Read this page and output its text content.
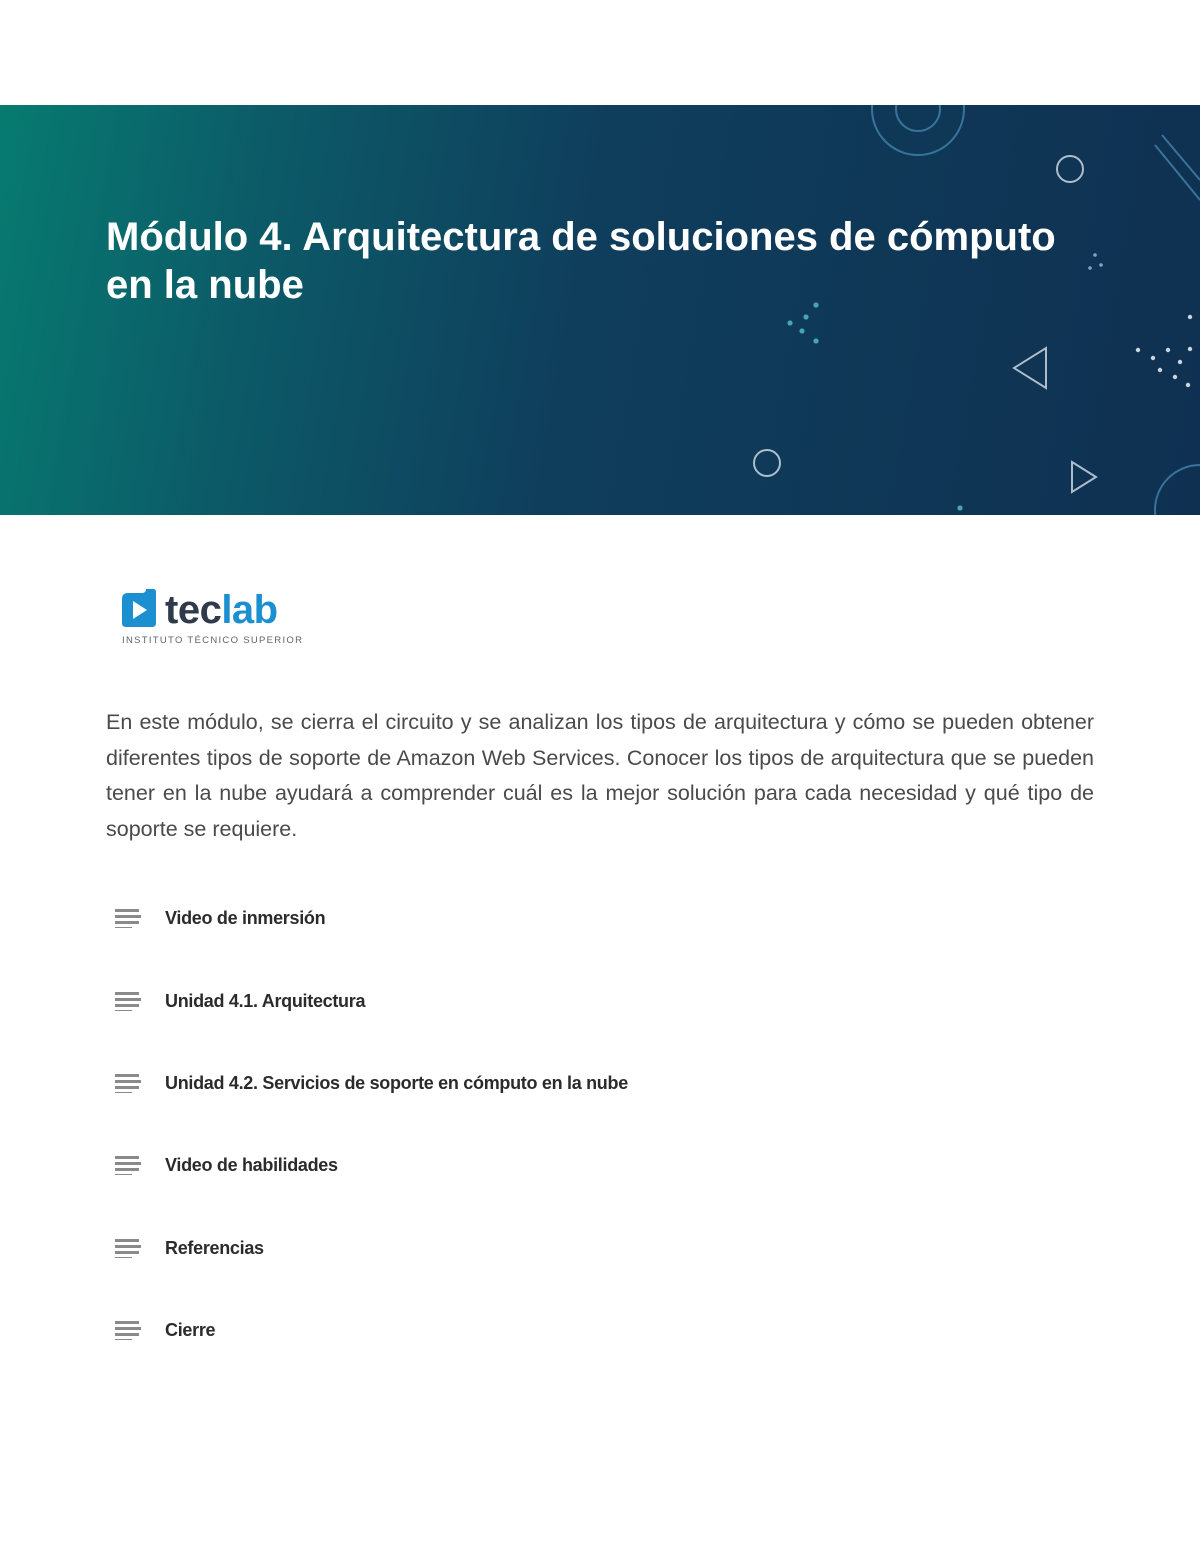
Módulo 4. Arquitectura de soluciones de cómputo en la nube
teclab
INSTITUTO TÉCNICO SUPERIOR

En este módulo, se cierra el circuito y se analizan los tipos de arquitectura y cómo se pueden obtener diferentes tipos de soporte de Amazon Web Services. Conocer los tipos de arquitectura que se pueden tener en la nube ayudará a comprender cuál es la mejor solución para cada necesidad y qué tipo de soporte se requiere.

Video de inmersión
Unidad 4.1. Arquitectura
Unidad 4.2. Servicios de soporte en cómputo en la nube
Video de habilidades
Referencias
Cierre
